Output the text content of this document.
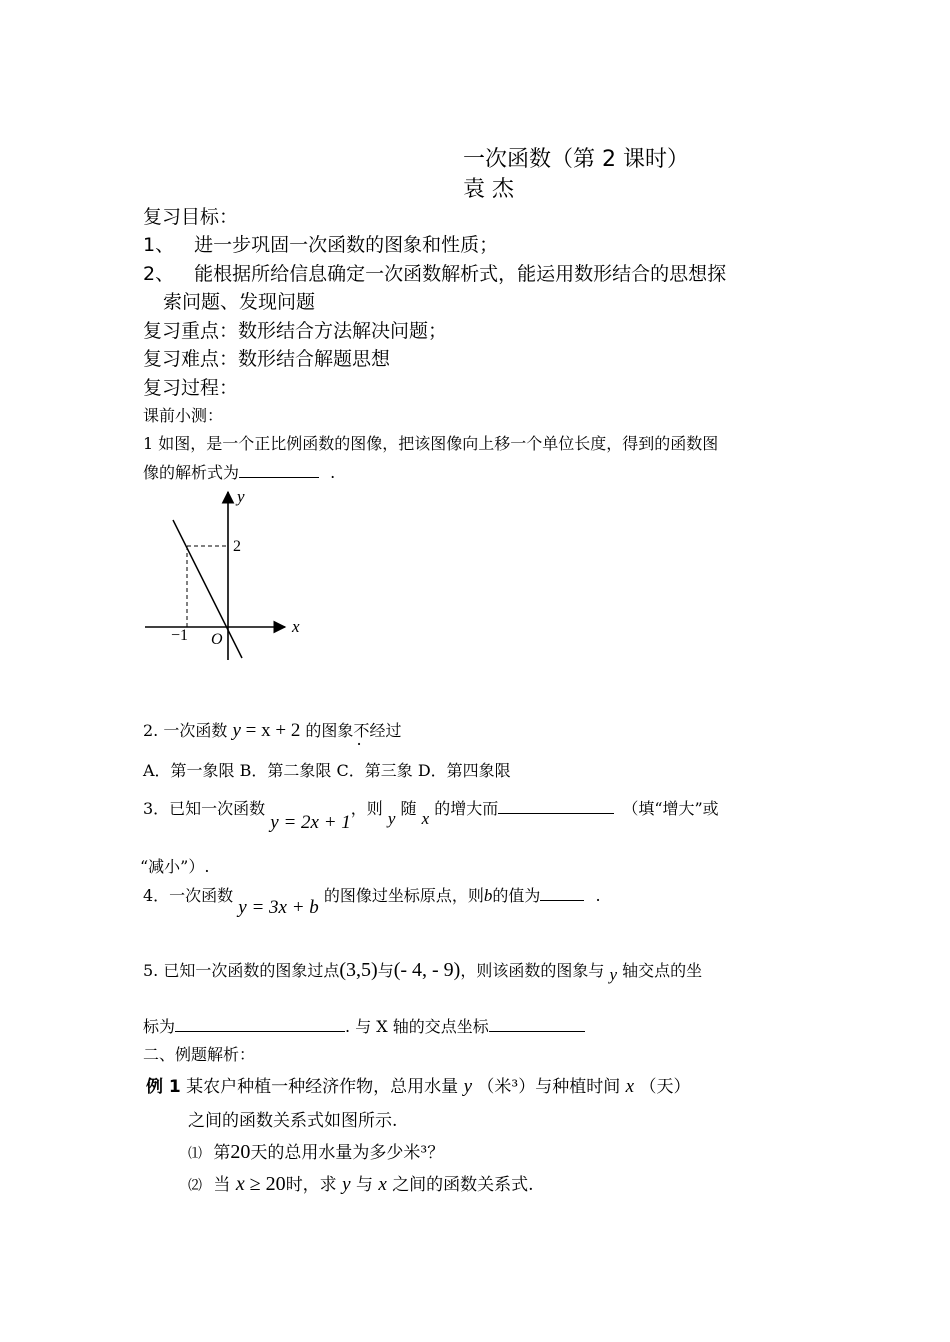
一次函数（第 2 课时）
袁 杰
复习目标：
1、 进一步巩固一次函数的图象和性质；
2、 能根据所给信息确定一次函数解析式，能运用数形结合的思想探
索问题、发现问题
复习重点：数形结合方法解决问题；
复习难点：数形结合解题思想
复习过程：
课前小测：
1 如图，是一个正比例函数的图像，把该图像向上移一个单位长度，得到的函数图
像的解析式为	.
y
x
2
−1 O
2. 一次函数 y = x + 2 的图象不经过
A．第一象限 B．第二象限 C．第三象 D．第四象限
3．已知一次函数 y = 2x + 1，则 y 随 x 的增大而	（填“增大”或
“减小”）.
4．一次函数 y = 3x + b 的图像过坐标原点，则b的值为	.
5. 已知一次函数的图象过点(3,5)与(- 4, - 9)，则该函数的图象与 y 轴交点的坐
标为	. 与 X 轴的交点坐标
二、例题解析：
例 1 某农户种植一种经济作物，总用水量 y （米³）与种植时间 x （天）
之间的函数关系式如图所示.
⑴ 第20天的总用水量为多少米³？
⑵ 当 x ≥ 20时，求 y 与 x 之间的函数关系式.
